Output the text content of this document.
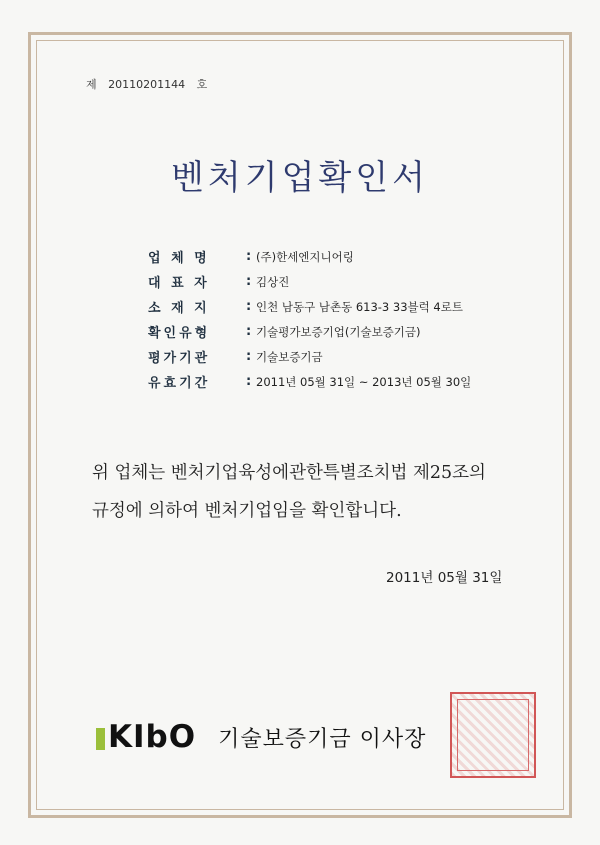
제 20110201144 호
벤처기업확인서
업 체 명	: (주)한세엔지니어링
대 표 자	: 김상진
소 재 지	: 인천 남동구 남촌동 613-3 33블럭 4로트
확인유형	: 기술평가보증기업(기술보증기금)
평가기관	: 기술보증기금
유효기간	: 2011년 05월 31일 ~ 2013년 05월 30일
위 업체는 벤처기업육성에관한특별조치법 제25조의
규정에 의하여 벤처기업임을 확인합니다.
2011년 05월 31일
KIbO 기술보증기금 이사장
